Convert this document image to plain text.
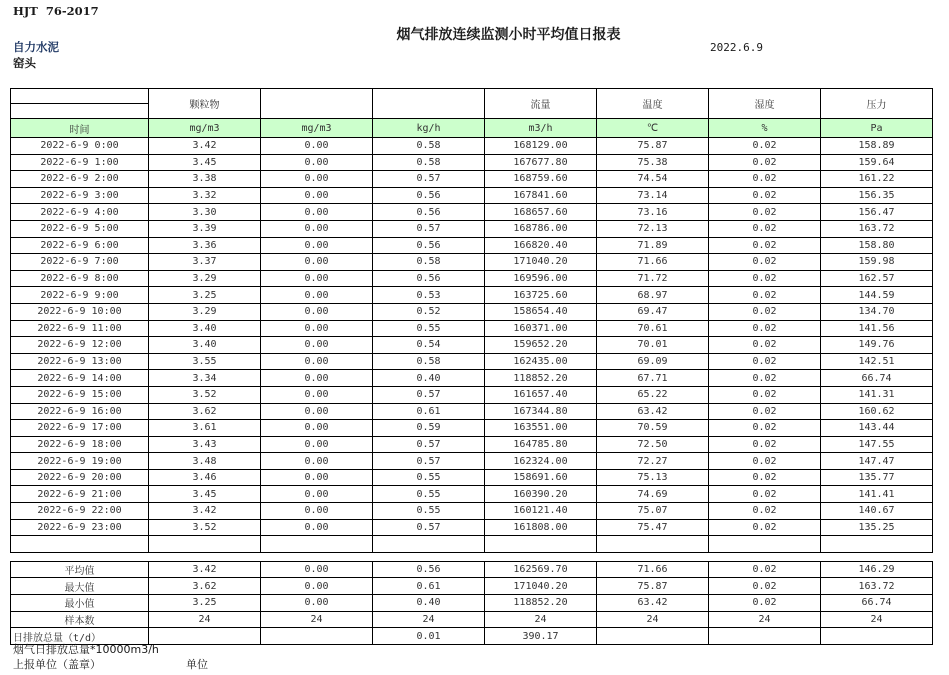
HJT  76-2017
烟气排放连续监测小时平均值日报表
2022.6.9
自力水泥
窑头
	颗粒物			流量	温度	湿度	压力

时间	mg/m3	mg/m3	kg/h	m3/h	℃	%	Pa
2022-6-9 0:00	3.42	0.00	0.58	168129.00	75.87	0.02	158.89
2022-6-9 1:00	3.45	0.00	0.58	167677.80	75.38	0.02	159.64
2022-6-9 2:00	3.38	0.00	0.57	168759.60	74.54	0.02	161.22
2022-6-9 3:00	3.32	0.00	0.56	167841.60	73.14	0.02	156.35
2022-6-9 4:00	3.30	0.00	0.56	168657.60	73.16	0.02	156.47
2022-6-9 5:00	3.39	0.00	0.57	168786.00	72.13	0.02	163.72
2022-6-9 6:00	3.36	0.00	0.56	166820.40	71.89	0.02	158.80
2022-6-9 7:00	3.37	0.00	0.58	171040.20	71.66	0.02	159.98
2022-6-9 8:00	3.29	0.00	0.56	169596.00	71.72	0.02	162.57
2022-6-9 9:00	3.25	0.00	0.53	163725.60	68.97	0.02	144.59
2022-6-9 10:00	3.29	0.00	0.52	158654.40	69.47	0.02	134.70
2022-6-9 11:00	3.40	0.00	0.55	160371.00	70.61	0.02	141.56
2022-6-9 12:00	3.40	0.00	0.54	159652.20	70.01	0.02	149.76
2022-6-9 13:00	3.55	0.00	0.58	162435.00	69.09	0.02	142.51
2022-6-9 14:00	3.34	0.00	0.40	118852.20	67.71	0.02	66.74
2022-6-9 15:00	3.52	0.00	0.57	161657.40	65.22	0.02	141.31
2022-6-9 16:00	3.62	0.00	0.61	167344.80	63.42	0.02	160.62
2022-6-9 17:00	3.61	0.00	0.59	163551.00	70.59	0.02	143.44
2022-6-9 18:00	3.43	0.00	0.57	164785.80	72.50	0.02	147.55
2022-6-9 19:00	3.48	0.00	0.57	162324.00	72.27	0.02	147.47
2022-6-9 20:00	3.46	0.00	0.55	158691.60	75.13	0.02	135.77
2022-6-9 21:00	3.45	0.00	0.55	160390.20	74.69	0.02	141.41
2022-6-9 22:00	3.42	0.00	0.55	160121.40	75.07	0.02	140.67
2022-6-9 23:00	3.52	0.00	0.57	161808.00	75.47	0.02	135.25

平均值	3.42	0.00	0.56	162569.70	71.66	0.02	146.29
最大值	3.62	0.00	0.61	171040.20	75.87	0.02	163.72
最小值	3.25	0.00	0.40	118852.20	63.42	0.02	66.74
样本数	24	24	24	24	24	24	24
日排放总量（t/d）			0.01	390.17			
烟气日排放总量*10000m3/h
上报单位（盖章）	单位
